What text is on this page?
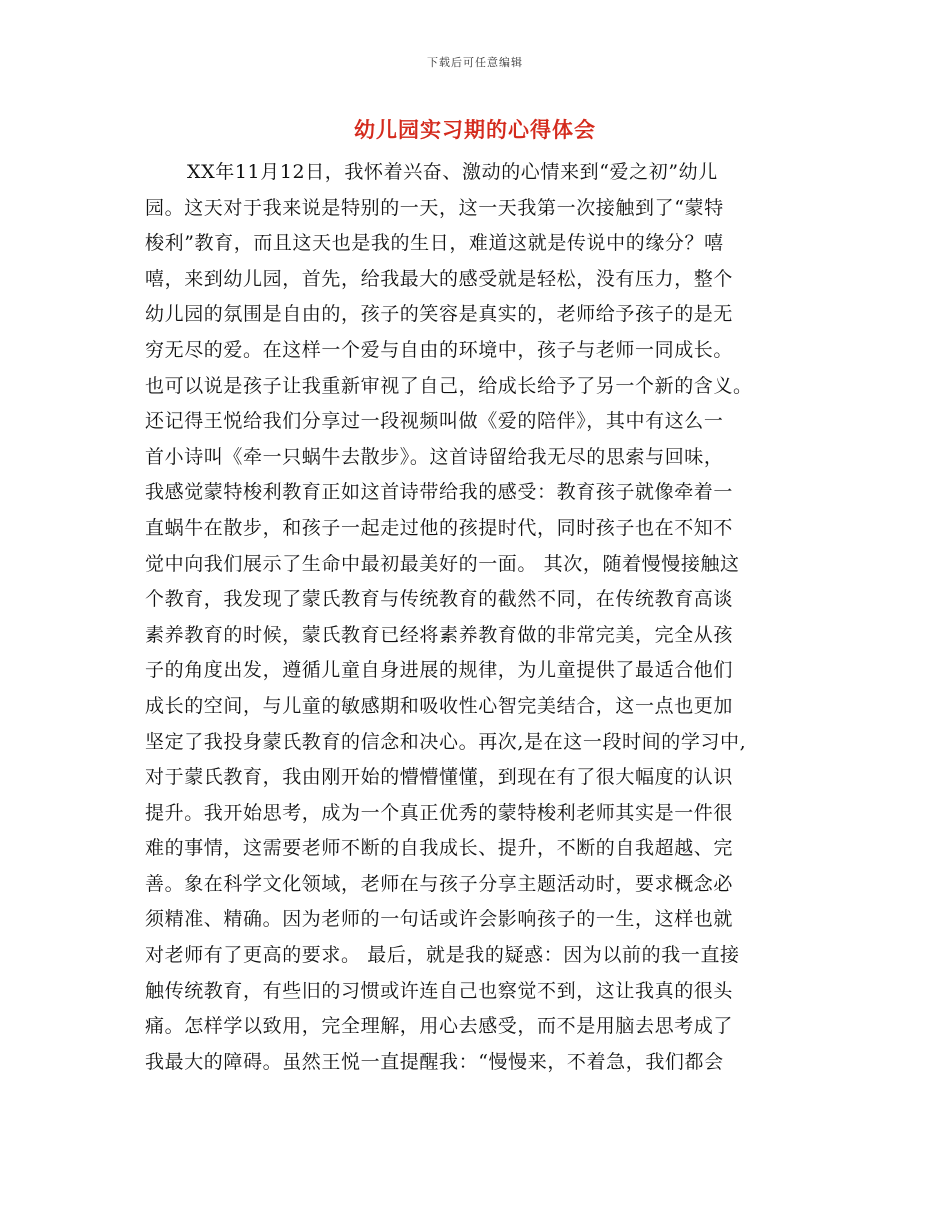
下载后可任意编辑
幼儿园实习期的心得体会
XX年11月12日，我怀着兴奋、激动的心情来到“爱之初”幼儿
园。这天对于我来说是特别的一天，这一天我第一次接触到了“蒙特
梭利”教育，而且这天也是我的生日，难道这就是传说中的缘分？嘻
嘻，来到幼儿园，首先，给我最大的感受就是轻松，没有压力，整个
幼儿园的氛围是自由的，孩子的笑容是真实的，老师给予孩子的是无
穷无尽的爱。在这样一个爱与自由的环境中，孩子与老师一同成长。
也可以说是孩子让我重新审视了自己，给成长给予了另一个新的含义。
还记得王悦给我们分享过一段视频叫做《爱的陪伴》，其中有这么一
首小诗叫《牵一只蜗牛去散步》。这首诗留给我无尽的思索与回味，
我感觉蒙特梭利教育正如这首诗带给我的感受：教育孩子就像牵着一
直蜗牛在散步，和孩子一起走过他的孩提时代，同时孩子也在不知不
觉中向我们展示了生命中最初最美好的一面。 其次，随着慢慢接触这
个教育，我发现了蒙氏教育与传统教育的截然不同，在传统教育高谈
素养教育的时候，蒙氏教育已经将素养教育做的非常完美，完全从孩
子的角度出发，遵循儿童自身进展的规律，为儿童提供了最适合他们
成长的空间，与儿童的敏感期和吸收性心智完美结合，这一点也更加
坚定了我投身蒙氏教育的信念和决心。再次,是在这一段时间的学习中,
对于蒙氏教育，我由刚开始的懵懵懂懂，到现在有了很大幅度的认识
提升。我开始思考，成为一个真正优秀的蒙特梭利老师其实是一件很
难的事情，这需要老师不断的自我成长、提升，不断的自我超越、完
善。象在科学文化领域，老师在与孩子分享主题活动时，要求概念必
须精准、精确。因为老师的一句话或许会影响孩子的一生，这样也就
对老师有了更高的要求。 最后，就是我的疑惑：因为以前的我一直接
触传统教育，有些旧的习惯或许连自己也察觉不到，这让我真的很头
痛。怎样学以致用，完全理解，用心去感受，而不是用脑去思考成了
我最大的障碍。虽然王悦一直提醒我：“慢慢来，不着急，我们都会
